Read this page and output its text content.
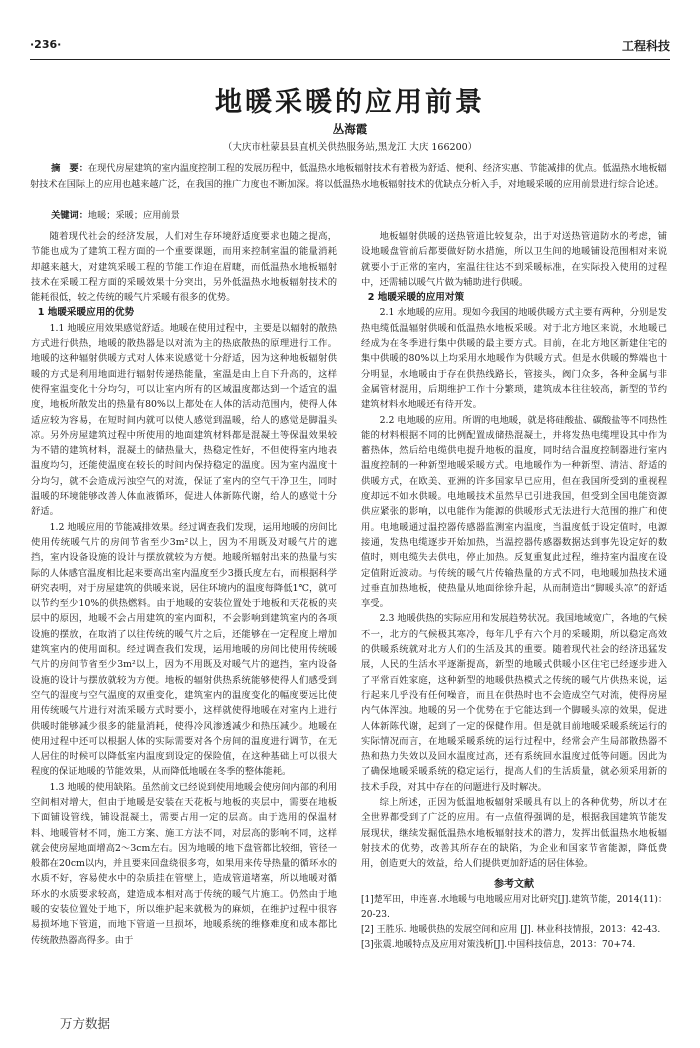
·236·	工程科技
地暖采暖的应用前景
丛海霞
（大庆市杜蒙县县直机关供热服务站,黑龙江 大庆 166200）
摘　要：在现代房屋建筑的室内温度控制工程的发展历程中，低温热水地板辐射技术有着极为舒适、便利、经济实惠、节能减排的优点。低温热水地板辐射技术在国际上的应用也越来越广泛，在我国的推广力度也不断加深。将以低温热水地板辐射技术的优缺点分析入手，对地暖采暖的应用前景进行综合论述。
关键词：地暖；采暖；应用前景

随着现代社会的经济发展，人们对生存环境舒适度要求也随之提高，节能也成为了建筑工程方面的一个重要课题，而用来控制室温的能量消耗却越来越大，对建筑采暖工程的节能工作迫在眉睫，而低温热水地板辐射技术在采暖工程方面的采暖效果十分突出，另外低温热水地板辐射技术的能耗很低，较之传统的暖气片采暖有很多的优势。

1 地暖采暖应用的优势

1.1 地暖应用效果感觉舒适。地暖在使用过程中，主要是以辐射的散热方式进行供热，地暖的散热器是以对流为主的热底散热的原理进行工作。地暖的这种辐射供暖方式对人体来说感觉十分舒适，因为这种地板辐射供暖的方式是利用地面进行辐射传递热能量，室温是由上自下升高的，这样使得室温变化十分均匀，可以让室内所有的区域温度都达到一个适宜的温度，地板所散发出的热量有80%以上都处在人体的活动范围内，使得人体适应较为容易，在短时间内就可以使人感觉到温暖，给人的感觉是脚温头凉。另外房屋建筑过程中所使用的地面建筑材料都是混凝土等保温效果较为不错的建筑材料，混凝土的储热量大，热稳定性好，不但使得室内地表温度均匀，还能使温度在较长的时间内保持稳定的温度。因为室内温度十分均匀，就不会造成污浊空气的对流，保证了室内的空气干净卫生，同时温暖的环境能够改善人体血液循环，促进人体新陈代谢，给人的感觉十分舒适。

1.2 地暖应用的节能减排效果。经过调查我们发现，运用地暖的房间比使用传统暖气片的房间节省至少3m²以上，因为不用既及对暖气片的遮挡，室内设备设施的设计与摆放就较为方便。地暖所辐射出来的热量与实际的人体感官温度相比起来要高出室内温度至少3摄氏度左右，而根据科学研究表明，对于房屋建筑的供暖来说，居住环境内的温度每降低1℃，就可以节约至少10%的供热燃料。由于地暖的安装位置处于地板和天花板的夹层中的原因，地暖不会占用建筑的室内面积，不会影响到建筑室内的各项设施的摆放，在取消了以往传统的暖气片之后，还能够在一定程度上增加建筑室内的使用面积。经过调查我们发现，运用地暖的房间比使用传统暖气片的房间节省至少3m²以上，因为不用既及对暖气片的遮挡，室内设备设施的设计与摆放就较为方便。地板的辐射供热系统能够使得人们感受到空气的湿度与空气温度的双重变化，建筑室内的温度变化的幅度要远比使用传统暖气片进行对流采暖方式时要小，这样就使得地暖在对室内上进行供暖时能够减少很多的能量消耗，使得冷风渗透减少和热压减少。地暖在使用过程中还可以根据人体的实际需要对各个房间的温度进行调节，在无人居住的时候可以降低室内温度到设定的保险值，在这种基础上可以很大程度的保证地暖的节能效果，从而降低地暖在冬季的整体能耗。

1.3 地暖的使用缺陷。虽然前文已经说到使用地暖会使房间内部的利用空间相对增大，但由于地暖是安装在天花板与地板的夹层中，需要在地板下面铺设管线，铺设混凝土，需要占用一定的层高。由于选用的保温材料、地暖管材不同，施工方案、施工方法不同，对层高的影响不同，这样就会使房屋地面增高2～3cm左右。因为地暖的地下盘管都比较细，管径一般都在20cm以内，并且要来回盘绕很多弯，如果用来传导热量的循环水的水质不好，容易使水中的杂质挂在管壁上，造成管道堵塞，所以地暖对循环水的水质要求较高，建造成本相对高于传统的暖气片施工。仍然由于地暖的安装位置处于地下，所以维护起来就极为的麻烦，在维护过程中很容易损坏地下管道，而地下管道一旦损坏，地暖系统的维修难度和成本都比传统散热器高得多。由于

地板辐射供暖的送热管道比较复杂，出于对送热管道防水的考虑，铺设地暖盘管前后都要做好防水措施，所以卫生间的地暖铺设范围相对来说就要小于正常的室内，室温往往达不到采暖标准，在实际投入使用的过程中，还需辅以暖气片做为辅助进行供暖。

2 地暖采暖的应用对策

2.1 水地暖的应用。现如今我国的地暖供暖方式主要有两种，分别是发热电缆低温辐射供暖和低温热水地板采暖。对于北方地区来说，水地暖已经成为在冬季进行集中供暖的最主要方式。目前，在北方地区新建住宅的集中供暖的80%以上均采用水地暖作为供暖方式。但是水供暖的弊端也十分明显，水地暖由于存在供热线路长，管接头，阀门众多，各种金属与非金属管材混用，后期维护工作十分繁琐，建筑成本往往较高，新型的节约建筑材料水地暖还有待开发。

2.2 电地暖的应用。所谓的电地暖，就是将硅酸盐、碳酸盐等不同热性能的材料根据不同的比例配置成储热混凝土，并将发热电缆埋设其中作为蓄热体，然后给电缆供电提升地板的温度，同时结合温度控制器进行室内温度控制的一种新型地暖采暖方式。电地暖作为一种新型、清洁、舒适的供暖方式，在欧美、亚洲的许多国家早已应用，但在我国所受到的重视程度却远不如水供暖。电地暖技术虽然早已引进我国，但受到全国电能资源供应紧张的影响，以电能作为能源的供暖形式无法进行大范围的推广和使用。电地暖通过温控器传感器监测室内温度，当温度低于设定值时，电源接通，发热电缆逐步开始加热，当温控器传感器数据达到事先设定好的数值时，则电缆失去供电，停止加热。反复重复此过程，维持室内温度在设定值附近波动。与传统的暖气片传输热量的方式不同，电地暖加热技术通过垂直加热地板，使热量从地面徐徐升起，从而制造出“脚暖头凉”的舒适享受。

2.3 地暖供热的实际应用和发展趋势状况。我国地域宽广，各地的气候不一，北方的气候极其寒冷，每年几乎有六个月的采暖期，所以稳定高效的供暖系统就对北方人们的生活及其的重要。随着现代社会的经济迅猛发展，人民的生活水平逐渐提高，新型的地暖式供暖小区住宅已经逐步进入了平常百姓家庭，这种新型的地暖供热模式之传统的暖气片供热来说，运行起来几乎没有任何噪音，而且在供热时也不会造成空气对流，使得房屋内气体浑浊。地暖的另一个优势在于它能达到一个脚暖头凉的效果，促进人体新陈代谢，起到了一定的保健作用。但是就目前地暖采暖系统运行的实际情况而言，在地暖采暖系统的运行过程中，经常会产生局部散热器不热和热力失效以及回水温度过高，还有系统回水温度过低等问题。因此为了确保地暖采暖系统的稳定运行，提高人们的生活质量，就必须采用新的技术手段，对其中存在的问题进行及时解决。

综上所述，正因为低温地板辐射采暖具有以上的各种优势，所以才在全世界都受到了广泛的应用。有一点值得强调的是，根据我国建筑节能发展现状，继续发掘低温热水地板辐射技术的潜力，发挥出低温热水地板辐射技术的优势，改善其所存在的缺陷，为企业和国家节省能源，降低费用，创造更大的效益，给人们提供更加舒适的居住体验。

参考文献

[1]楚军田，申连喜.水地暖与电地暖应用对比研究[J].建筑节能，2014(11)：20-23.

[2] 王胜乐. 地暖供热的发展空间和应用 [J]. 林业科技情报，2013：42-43.

[3]张震.地暖特点及应用对策浅析[J].中国科技信息，2013：70+74.

万方数据
